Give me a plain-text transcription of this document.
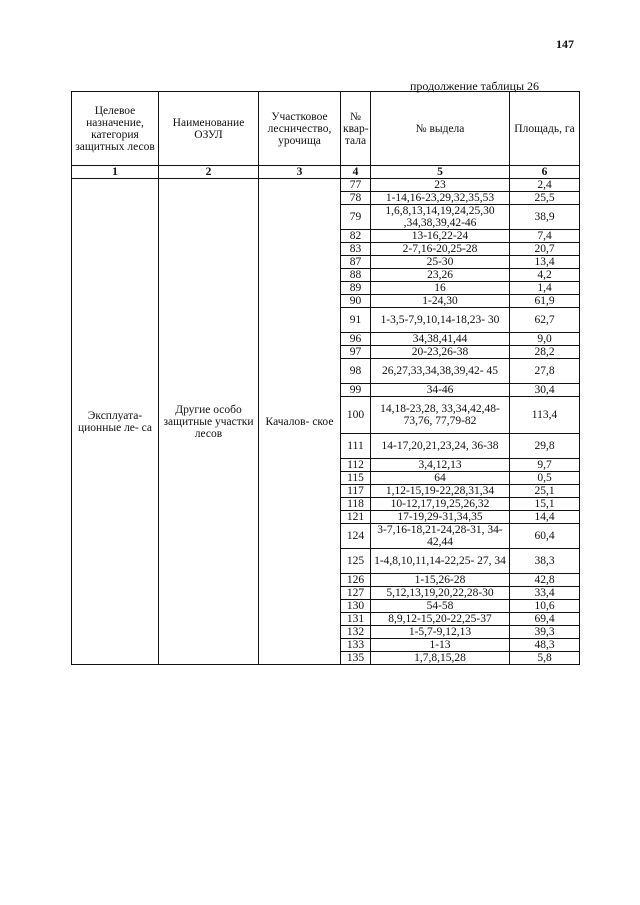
147
продолжение таблицы 26
Целевое назначение, категория защитных лесов	Наименование ОЗУЛ	Участковое лесничество, урочища	№ квар- тала	№ выдела	Площадь, га
1	2	3	4	5	6
Эксплуата- ционные ле- са	Другие особо защитные участки лесов	Качалов- ское	77	23	2,4
			78	1-14,16-23,29,32,35,53	25,5
			79	1,6,8,13,14,19,24,25,30 ,34,38,39,42-46	38,9
			82	13-16,22-24	7,4
			83	2-7,16-20,25-28	20,7
			87	25-30	13,4
			88	23,26	4,2
			89	16	1,4
			90	1-24,30	61,9
			91	1-3,5-7,9,10,14-18,23- 30	62,7
			96	34,38,41,44	9,0
			97	20-23,26-38	28,2
			98	26,27,33,34,38,39,42- 45	27,8
			99	34-46	30,4
			100	14,18-23,28, 33,34,42,48-73,76, 77,79-82	113,4
			111	14-17,20,21,23,24, 36-38	29,8
			112	3,4,12,13	9,7
			115	64	0,5
			117	1,12-15,19-22,28,31,34	25,1
			118	10-12,17,19,25,26,32	15,1
			121	17-19,29-31,34,35	14,4
			124	3-7,16-18,21-24,28-31, 34-42,44	60,4
			125	1-4,8,10,11,14-22,25- 27, 34	38,3
			126	1-15,26-28	42,8
			127	5,12,13,19,20,22,28-30	33,4
			130	54-58	10,6
			131	8,9,12-15,20-22,25-37	69,4
			132	1-5,7-9,12,13	39,3
			133	1-13	48,3
			135	1,7,8,15,28	5,8
